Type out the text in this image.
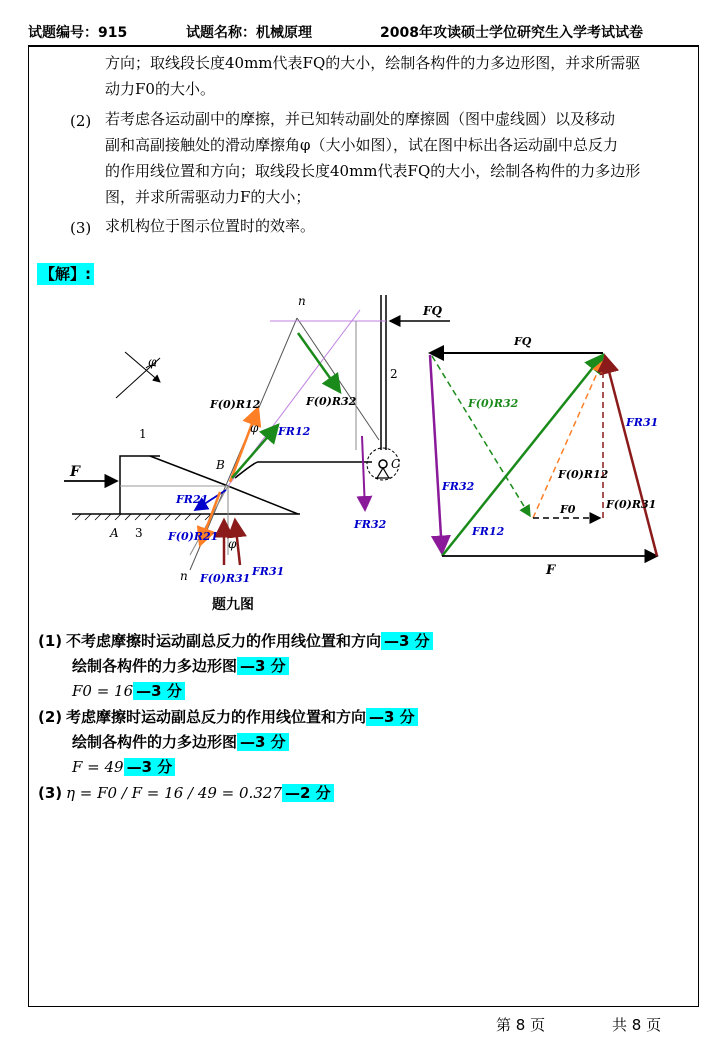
试题编号：915	试题名称：机械原理	2008年攻读硕士学位研究生入学考试试卷
方向；取线段长度40mm代表FQ的大小，绘制各构件的力多边形图，并求所需驱
动力F0的大小。
(2) 若考虑各运动副中的摩擦，并已知转动副处的摩擦圆（图中虚线圆）以及移动
副和高副接触处的滑动摩擦角φ（大小如图），试在图中标出各运动副中总反力
的作用线位置和方向；取线段长度40mm代表FQ的大小，绘制各构件的力多边形
图，并求所需驱动力F的大小；
(3) 求机构位于图示位置时的效率。
【解】:
n
n
FQ
2
1
3
A
B	C
F
φ
φ
φ
F(0)R12	F(0)R32
FR12
FR21
F(0)R21
F(0)R31
FR31
FR32
FQ
F(0)R32
FR31
FR32
F(0)R12
F0	F(0)R31
FR12
F
题九图
(1) 不考虑摩擦时运动副总反力的作用线位置和方向 —3 分
绘制各构件的力多边形图 —3 分
F0 = 16 —3 分
(2) 考虑摩擦时运动副总反力的作用线位置和方向 —3 分
绘制各构件的力多边形图 —3 分
F = 49 —3 分
(3) η = F0 / F = 16 / 49 = 0.327 —2 分
第 8 页	共 8 页
